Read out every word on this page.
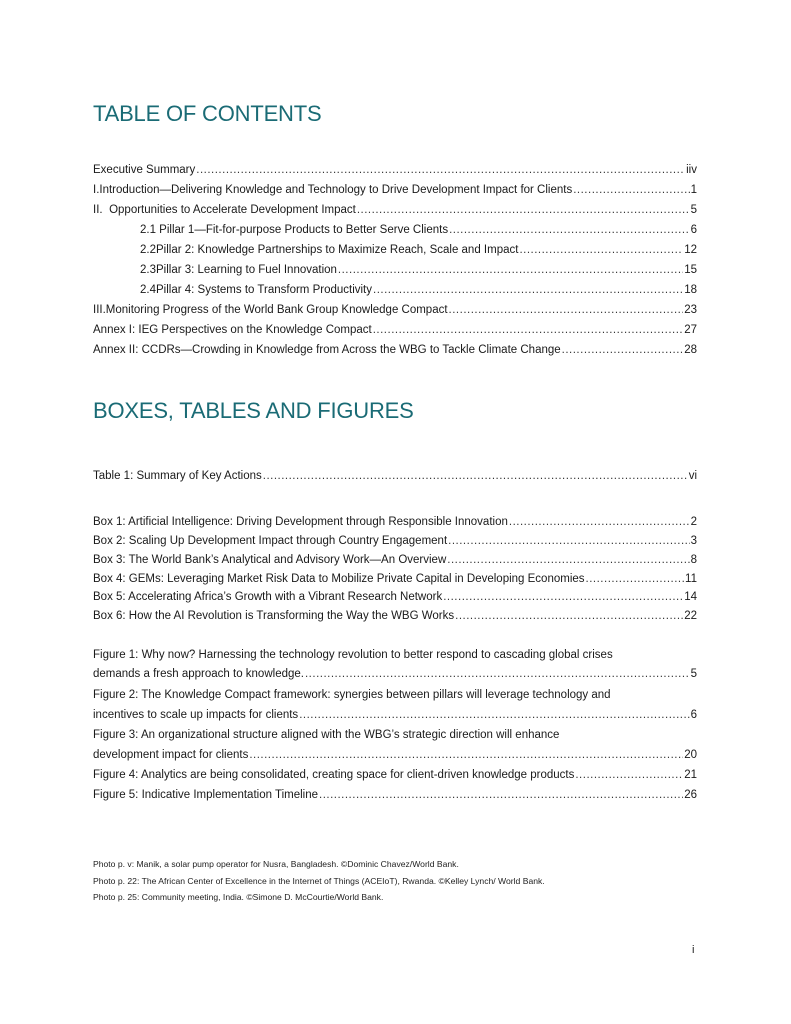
TABLE OF CONTENTS
Executive Summary .....	iiv
I. Introduction—Delivering Knowledge and Technology to Drive Development Impact for Clients .....	1
II. Opportunities to Accelerate Development Impact .....	5
2.1 Pillar 1—Fit-for-purpose Products to Better Serve Clients .....	6
2.2 Pillar 2: Knowledge Partnerships to Maximize Reach, Scale and Impact .....	12
2.3 Pillar 3: Learning to Fuel Innovation .....	15
2.4 Pillar 4: Systems to Transform Productivity .....	18
III. Monitoring Progress of the World Bank Group Knowledge Compact .....	23
Annex I: IEG Perspectives on the Knowledge Compact .....	27
Annex II: CCDRs—Crowding in Knowledge from Across the WBG to Tackle Climate Change .....	28
BOXES, TABLES AND FIGURES
Table 1: Summary of Key Actions .....	vi
Box 1: Artificial Intelligence: Driving Development through Responsible Innovation .....	2
Box 2: Scaling Up Development Impact through Country Engagement .....	3
Box 3: The World Bank’s Analytical and Advisory Work—An Overview .....	8
Box 4: GEMs: Leveraging Market Risk Data to Mobilize Private Capital in Developing Economies .....	11
Box 5: Accelerating Africa’s Growth with a Vibrant Research Network .....	14
Box 6: How the AI Revolution is Transforming the Way the WBG Works .....	22
Figure 1: Why now? Harnessing the technology revolution to better respond to cascading global crises
demands a fresh approach to knowledge. .....	5
Figure 2: The Knowledge Compact framework: synergies between pillars will leverage technology and
incentives to scale up impacts for clients .....	6
Figure 3: An organizational structure aligned with the WBG’s strategic direction will enhance
development impact for clients .....	20
Figure 4: Analytics are being consolidated, creating space for client-driven knowledge products .....	21
Figure 5: Indicative Implementation Timeline .....	26
Photo p. v: Manik, a solar pump operator for Nusra, Bangladesh. ©Dominic Chavez/World Bank.
Photo p. 22: The African Center of Excellence in the Internet of Things (ACEIoT), Rwanda. ©Kelley Lynch/ World Bank.
Photo p. 25: Community meeting, India. ©Simone D. McCourtie/World Bank.
i
